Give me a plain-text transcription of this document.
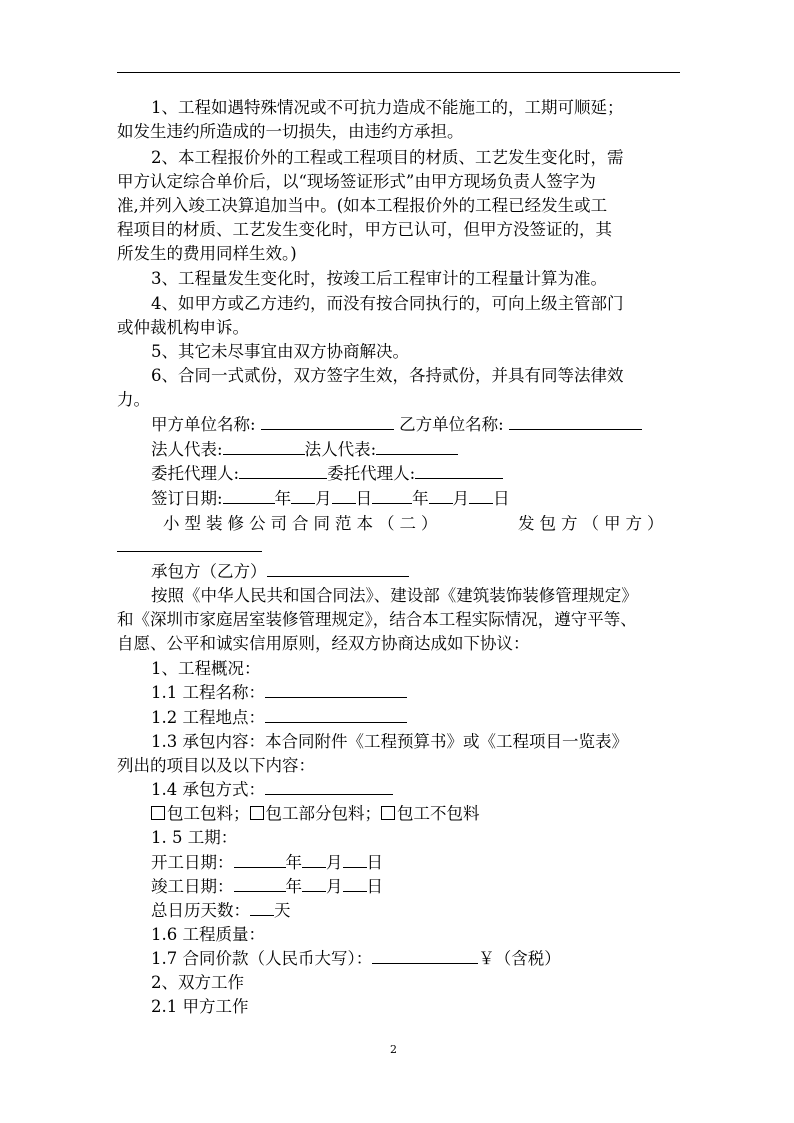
1、工程如遇特殊情况或不可抗力造成不能施工的，工期可顺延；
如发生违约所造成的一切损失，由违约方承担。
2、本工程报价外的工程或工程项目的材质、工艺发生变化时，需
甲方认定综合单价后，以“现场签证形式”由甲方现场负责人签字为
准,并列入竣工决算追加当中。(如本工程报价外的工程已经发生或工
程项目的材质、工艺发生变化时，甲方已认可，但甲方没签证的，其
所发生的费用同样生效。)
3、工程量发生变化时，按竣工后工程审计的工程量计算为准。
4、如甲方或乙方违约，而没有按合同执行的，可向上级主管部门
或仲裁机构申诉。
5、其它未尽事宜由双方协商解决。
6、合同一式贰份，双方签字生效，各持贰份，并具有同等法律效
力。
甲方单位名称:	乙方单位名称:
法人代表:	法人代表:
委托代理人:	委托代理人:
签订日期:	年 月 日 年 月 日
小型装修公司合同范本（二）	发包方（甲方）
承包方（乙方）
按照《中华人民共和国合同法》、建设部《建筑装饰装修管理规定》
和《深圳市家庭居室装修管理规定》，结合本工程实际情况，遵守平等、
自愿、公平和诚实信用原则，经双方协商达成如下协议：
1、工程概况：
1.1 工程名称：
1.2 工程地点：
1.3 承包内容：本合同附件《工程预算书》或《工程项目一览表》
列出的项目以及以下内容：
1.4 承包方式：
包工包料； 包工部分包料； 包工不包料
1. 5 工期：
开工日期：	年 月 日
竣工日期：	年 月 日
总日历天数： 天
1.6 工程质量：
1.7 合同价款（人民币大写）：	￥（含税）
2、双方工作
2.1 甲方工作
2
